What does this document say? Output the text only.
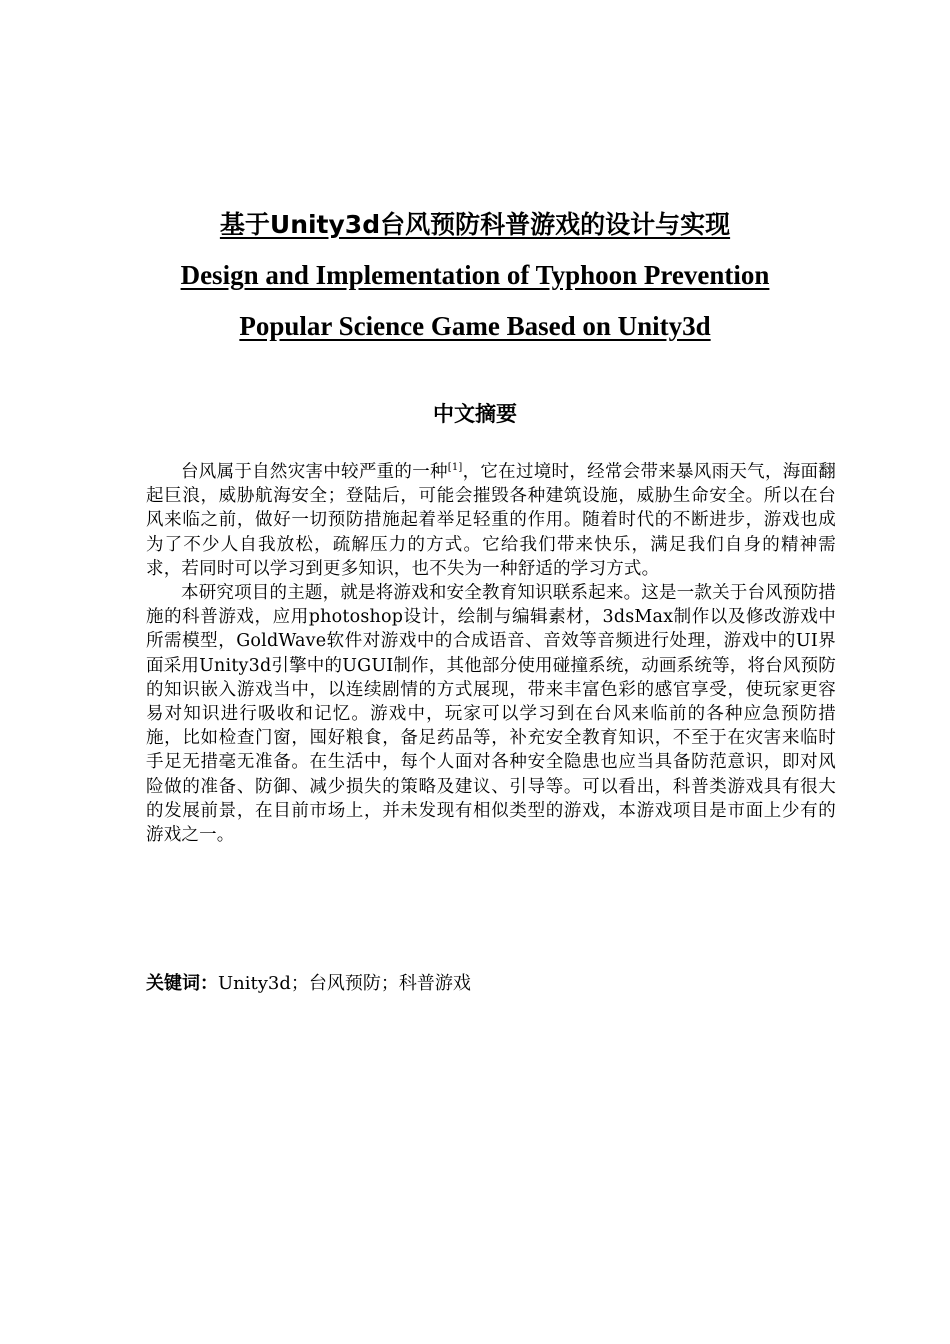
基于Unity3d台风预防科普游戏的设计与实现
Design and Implementation of Typhoon Prevention
Popular Science Game Based on Unity3d
中文摘要

台风属于自然灾害中较严重的一种[1]，它在过境时，经常会带来暴风雨天气，海面翻起巨浪，威胁航海安全；登陆后，可能会摧毁各种建筑设施，威胁生命安全。所以在台风来临之前，做好一切预防措施起着举足轻重的作用。随着时代的不断进步，游戏也成为了不少人自我放松，疏解压力的方式。它给我们带来快乐，满足我们自身的精神需求，若同时可以学习到更多知识，也不失为一种舒适的学习方式。

本研究项目的主题，就是将游戏和安全教育知识联系起来。这是一款关于台风预防措施的科普游戏，应用photoshop设计，绘制与编辑素材，3dsMax制作以及修改游戏中所需模型，GoldWave软件对游戏中的合成语音、音效等音频进行处理，游戏中的UI界面采用Unity3d引擎中的UGUI制作，其他部分使用碰撞系统，动画系统等，将台风预防的知识嵌入游戏当中，以连续剧情的方式展现，带来丰富色彩的感官享受，使玩家更容易对知识进行吸收和记忆。游戏中，玩家可以学习到在台风来临前的各种应急预防措施，比如检查门窗，囤好粮食，备足药品等，补充安全教育知识，不至于在灾害来临时手足无措毫无准备。在生活中，每个人面对各种安全隐患也应当具备防范意识，即对风险做的准备、防御、减少损失的策略及建议、引导等。可以看出，科普类游戏具有很大的发展前景，在目前市场上，并未发现有相似类型的游戏，本游戏项目是市面上少有的游戏之一。

关键词：Unity3d；台风预防；科普游戏
